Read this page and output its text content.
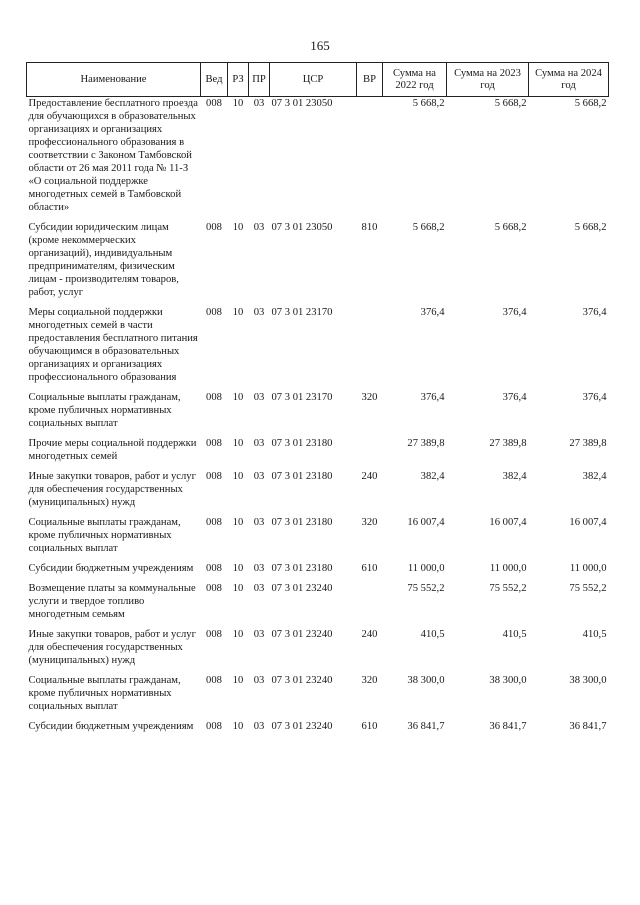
165
Наименование	Вед	РЗ	ПР	ЦСР	ВР	Сумма на 2022 год	Сумма на 2023 год	Сумма на 2024 год
Предоставление бесплатного проезда для обучающихся в образовательных организациях и организациях профессионального образования в соответствии с Законом Тамбовской области от 26 мая 2011 года № 11-З «О социальной поддержке многодетных семей в Тамбовской области»	008	10	03	07 3 01 23050		5 668,2	5 668,2	5 668,2
Субсидии юридическим лицам (кроме некоммерческих организаций), индивидуальным предпринимателям, физическим лицам - производителям товаров, работ, услуг	008	10	03	07 3 01 23050	810	5 668,2	5 668,2	5 668,2
Меры социальной поддержки многодетных семей в части предоставления бесплатного питания обучающимся в образовательных организациях и организациях профессионального образования	008	10	03	07 3 01 23170		376,4	376,4	376,4
Социальные выплаты гражданам, кроме публичных нормативных социальных выплат	008	10	03	07 3 01 23170	320	376,4	376,4	376,4
Прочие меры социальной поддержки многодетных семей	008	10	03	07 3 01 23180		27 389,8	27 389,8	27 389,8
Иные закупки товаров, работ и услуг для обеспечения государственных (муниципальных) нужд	008	10	03	07 3 01 23180	240	382,4	382,4	382,4
Социальные выплаты гражданам, кроме публичных нормативных социальных выплат	008	10	03	07 3 01 23180	320	16 007,4	16 007,4	16 007,4
Субсидии бюджетным учреждениям	008	10	03	07 3 01 23180	610	11 000,0	11 000,0	11 000,0
Возмещение платы за коммунальные услуги и твердое топливо многодетным семьям	008	10	03	07 3 01 23240		75 552,2	75 552,2	75 552,2
Иные закупки товаров, работ и услуг для обеспечения государственных (муниципальных) нужд	008	10	03	07 3 01 23240	240	410,5	410,5	410,5
Социальные выплаты гражданам, кроме публичных нормативных социальных выплат	008	10	03	07 3 01 23240	320	38 300,0	38 300,0	38 300,0
Субсидии бюджетным учреждениям	008	10	03	07 3 01 23240	610	36 841,7	36 841,7	36 841,7
